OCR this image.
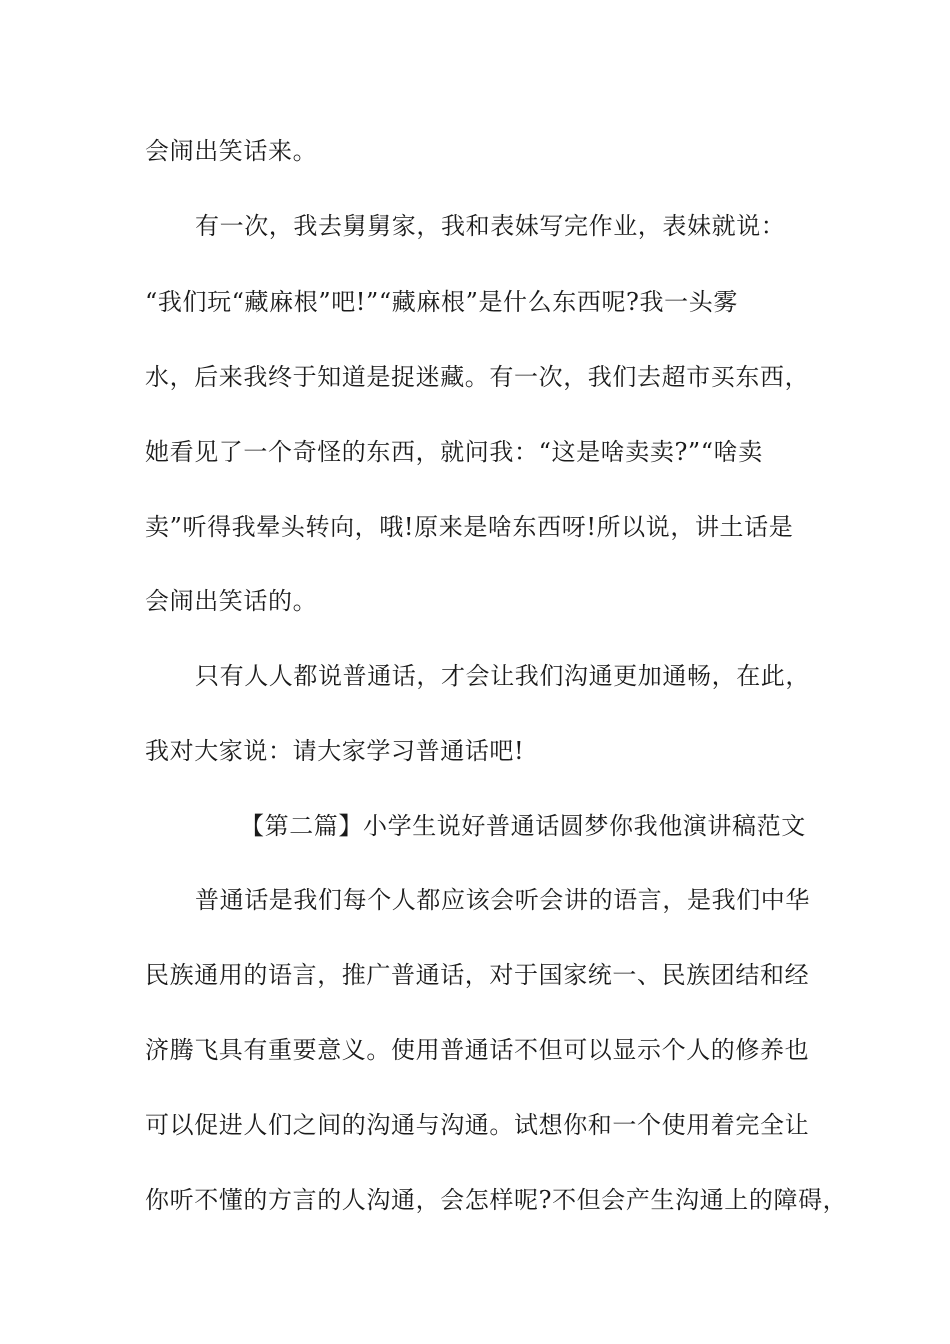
会闹出笑话来。
有一次，我去舅舅家，我和表妹写完作业，表妹就说：
“我们玩“藏麻根”吧!”“藏麻根”是什么东西呢?我一头雾
水，后来我终于知道是捉迷藏。有一次，我们去超市买东西，
她看见了一个奇怪的东西，就问我：“这是啥卖卖?”“啥卖
卖”听得我晕头转向，哦!原来是啥东西呀!所以说，讲土话是
会闹出笑话的。
只有人人都说普通话，才会让我们沟通更加通畅，在此，
我对大家说：请大家学习普通话吧!
【第二篇】小学生说好普通话圆梦你我他演讲稿范文
普通话是我们每个人都应该会听会讲的语言，是我们中华
民族通用的语言，推广普通话，对于国家统一、民族团结和经
济腾飞具有重要意义。使用普通话不但可以显示个人的修养也
可以促进人们之间的沟通与沟通。试想你和一个使用着完全让
你听不懂的方言的人沟通，会怎样呢?不但会产生沟通上的障碍，
